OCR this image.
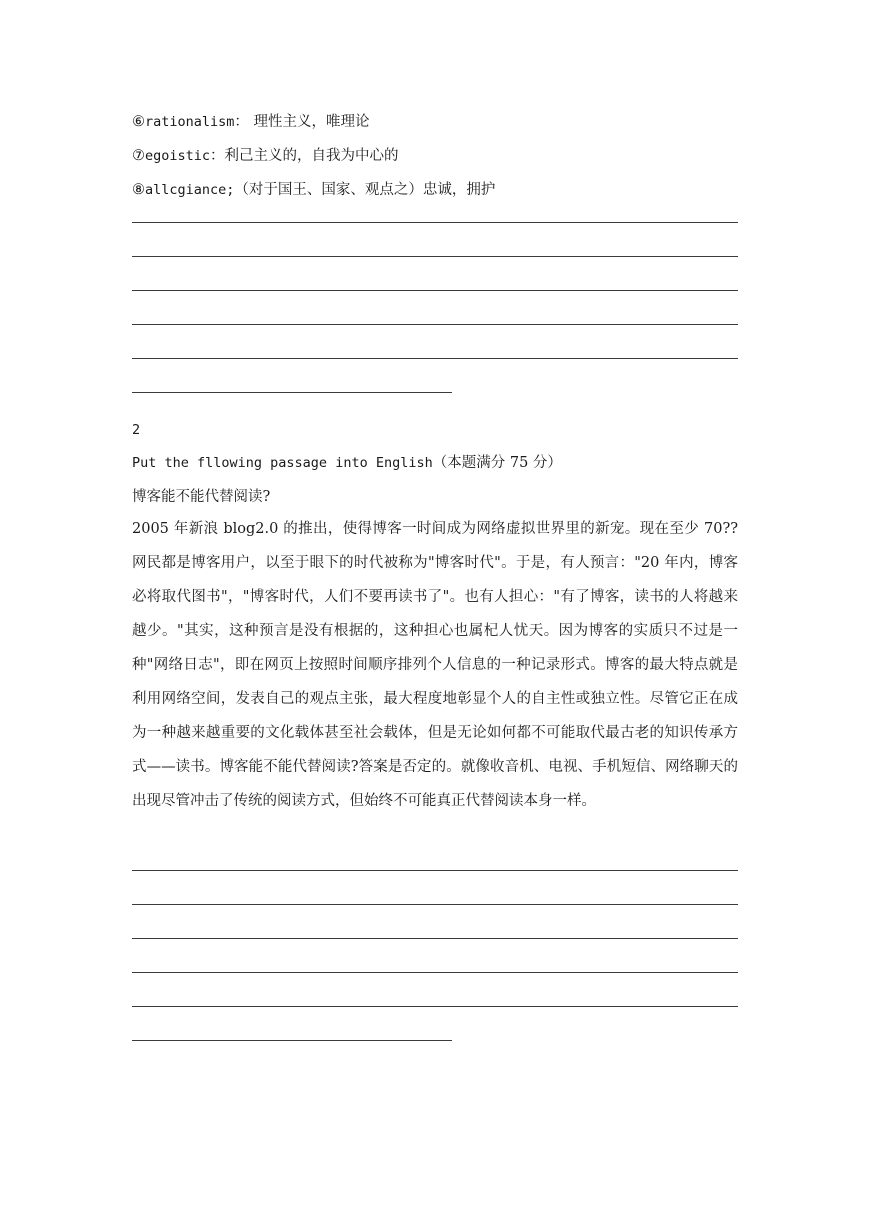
⑥rationalism： 理性主义，唯理论
⑦egoistic：利己主义的，自我为中心的
⑧allcgiance;（对于国王、国家、观点之）忠诚，拥护
2
Put the fllowing passage into English（本题满分 75 分）
博客能不能代替阅读?
2005 年新浪 blog2.0 的推出，使得博客一时间成为网络虚拟世界里的新宠。现在至少 70??网民都是博客用户，以至于眼下的时代被称为"博客时代"。于是，有人预言："20 年内，博客必将取代图书"，"博客时代，人们不要再读书了"。也有人担心："有了博客，读书的人将越来越少。"其实，这种预言是没有根据的，这种担心也属杞人忧天。因为博客的实质只不过是一种"网络日志"，即在网页上按照时间顺序排列个人信息的一种记录形式。博客的最大特点就是利用网络空间，发表自己的观点主张，最大程度地彰显个人的自主性或独立性。尽管它正在成为一种越来越重要的文化载体甚至社会载体，但是无论如何都不可能取代最古老的知识传承方式——读书。博客能不能代替阅读?答案是否定的。就像收音机、电视、手机短信、网络聊天的出现尽管冲击了传统的阅读方式，但始终不可能真正代替阅读本身一样。
